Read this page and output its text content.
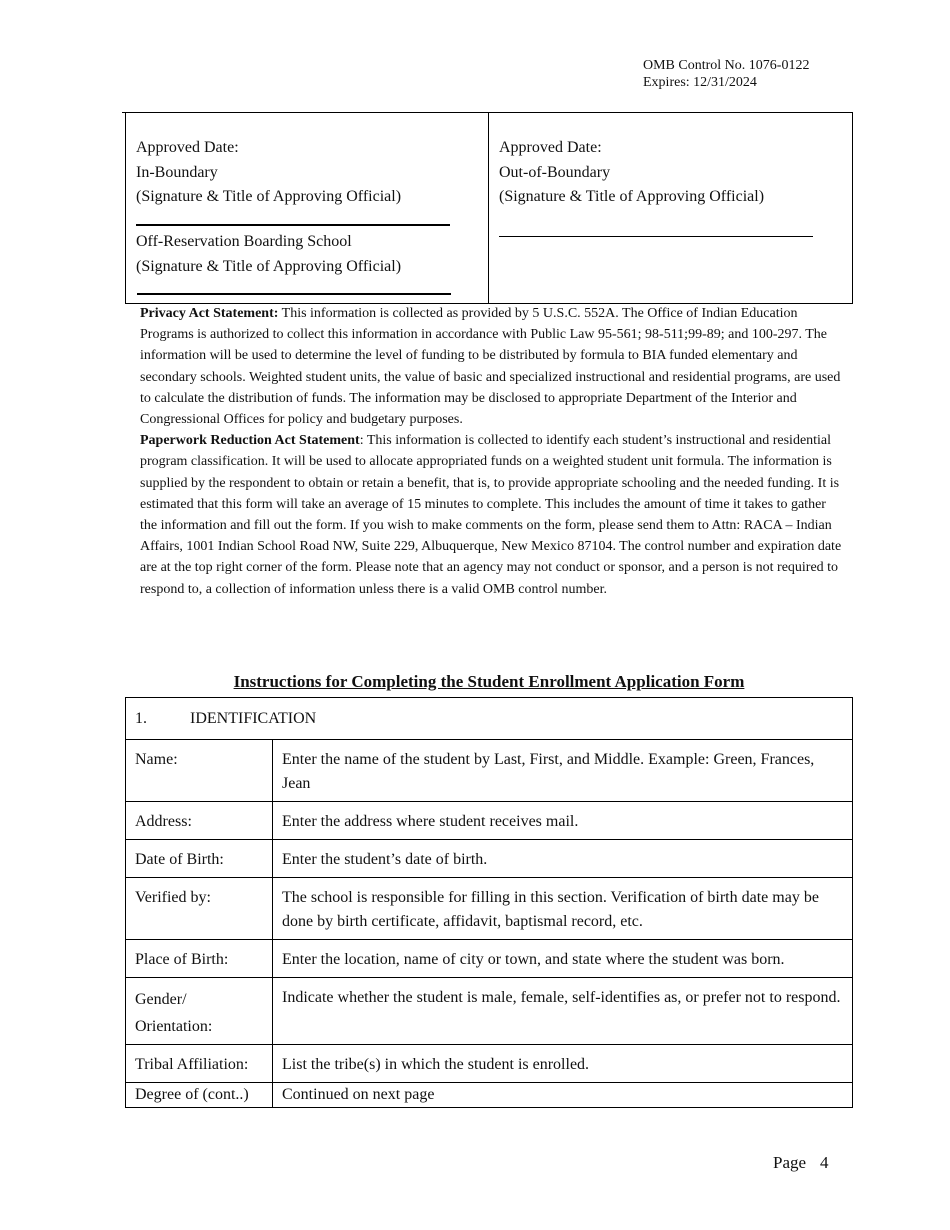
OMB Control No. 1076-0122
Expires: 12/31/2024
Approved Date:
In-Boundary
(Signature & Title of Approving Official)
Off-Reservation Boarding School
(Signature & Title of Approving Official)
Approved Date:
Out-of-Boundary
(Signature & Title of Approving Official)

Privacy Act Statement: This information is collected as provided by 5 U.S.C. 552A. The Office of Indian Education Programs is authorized to collect this information in accordance with Public Law 95-561; 98-511;99-89; and 100-297. The information will be used to determine the level of funding to be distributed by formula to BIA funded elementary and secondary schools. Weighted student units, the value of basic and specialized instructional and residential programs, are used to calculate the distribution of funds. The information may be disclosed to appropriate Department of the Interior and Congressional Offices for policy and budgetary purposes.

Paperwork Reduction Act Statement: This information is collected to identify each student’s instructional and residential program classification. It will be used to allocate appropriated funds on a weighted student unit formula. The information is supplied by the respondent to obtain or retain a benefit, that is, to provide appropriate schooling and the needed funding. It is estimated that this form will take an average of 15 minutes to complete. This includes the amount of time it takes to gather the information and fill out the form. If you wish to make comments on the form, please send them to Attn: RACA – Indian Affairs, 1001 Indian School Road NW, Suite 229, Albuquerque, New Mexico 87104. The control number and expiration date are at the top right corner of the form. Please note that an agency may not conduct or sponsor, and a person is not required to respond to, a collection of information unless there is a valid OMB control number.

Instructions for Completing the Student Enrollment Application Form
1. IDENTIFICATION	
Name:	Enter the name of the student by Last, First, and Middle. Example: Green, Frances, Jean
Address:	Enter the address where student receives mail.
Date of Birth:	Enter the student’s date of birth.
Verified by:	The school is responsible for filling in this section. Verification of birth date may be done by birth certificate, affidavit, baptismal record, etc.
Place of Birth:	Enter the location, name of city or town, and state where the student was born.

Gender/
Orientation:	Indicate whether the student is male, female, self-identifies as, or prefer not to respond.
Tribal Affiliation:	List the tribe(s) in which the student is enrolled.
Degree of (cont..)	Continued on next page
Page 4
